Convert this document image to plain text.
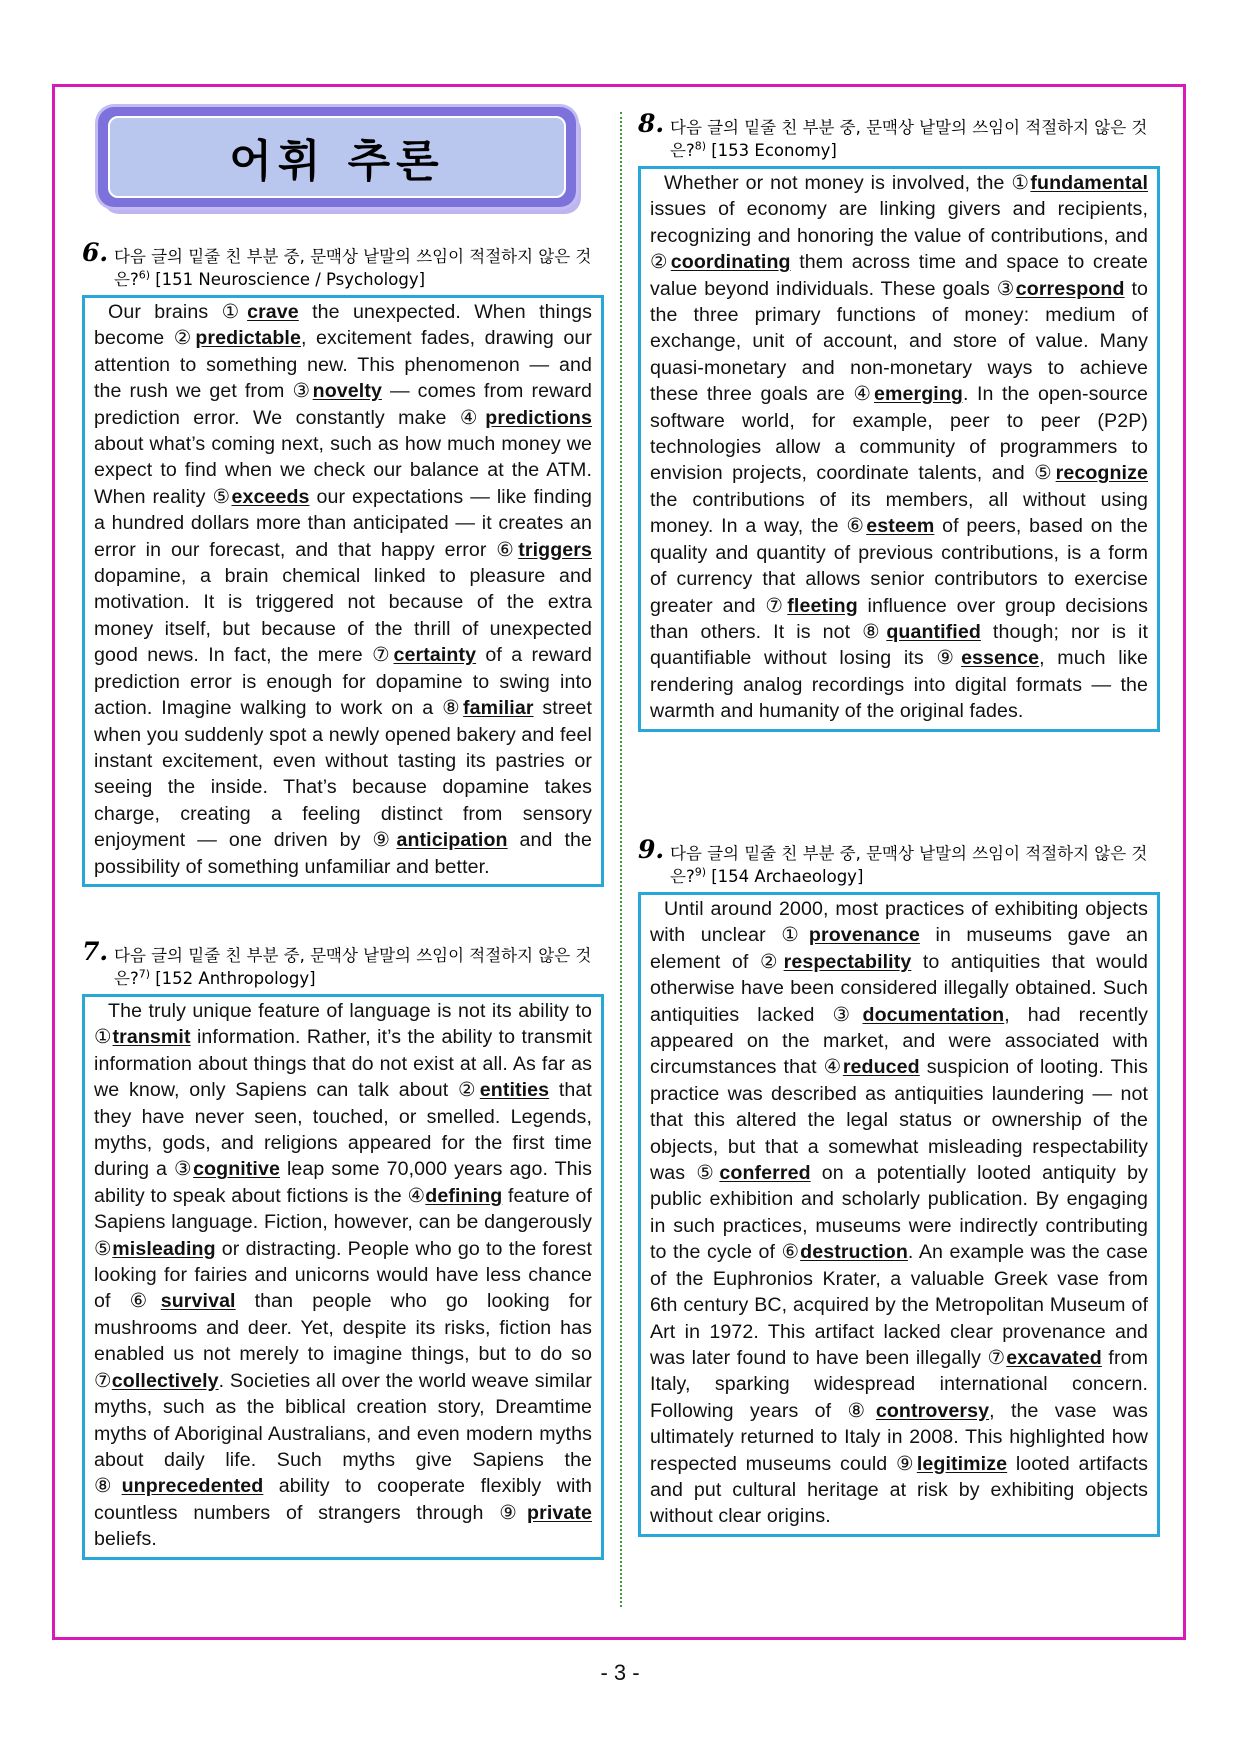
어휘 추론
6. 다음 글의 밑줄 친 부분 중, 문맥상 낱말의 쓰임이 적절하지 않은 것은?$^{6)}$ [151 Neuroscience / Psychology]

Our brains ①crave the unexpected. When things become ②predictable, excitement fades, drawing our attention to something new. This phenomenon — and the rush we get from ③novelty — comes from reward prediction error. We constantly make ④predictions about what’s coming next, such as how much money we expect to find when we check our balance at the ATM. When reality ⑤exceeds our expectations — like finding a hundred dollars more than anticipated — it creates an error in our forecast, and that happy error ⑥triggers dopamine, a brain chemical linked to pleasure and motivation. It is triggered not because of the extra money itself, but because of the thrill of unexpected good news. In fact, the mere ⑦certainty of a reward prediction error is enough for dopamine to swing into action. Imagine walking to work on a ⑧familiar street when you suddenly spot a newly opened bakery and feel instant excitement, even without tasting its pastries or seeing the inside. That’s because dopamine takes charge, creating a feeling distinct from sensory enjoyment — one driven by ⑨anticipation and the possibility of something unfamiliar and better.

7. 다음 글의 밑줄 친 부분 중, 문맥상 낱말의 쓰임이 적절하지 않은 것은?$^{7)}$ [152 Anthropology]

The truly unique feature of language is not its ability to ①transmit information. Rather, it’s the ability to transmit information about things that do not exist at all. As far as we know, only Sapiens can talk about ②entities that they have never seen, touched, or smelled. Legends, myths, gods, and religions appeared for the first time during a ③cognitive leap some 70,000 years ago. This ability to speak about fictions is the ④defining feature of Sapiens language. Fiction, however, can be dangerously ⑤misleading or distracting. People who go to the forest looking for fairies and unicorns would have less chance of ⑥survival than people who go looking for mushrooms and deer. Yet, despite its risks, fiction has enabled us not merely to imagine things, but to do so ⑦collectively. Societies all over the world weave similar myths, such as the biblical creation story, Dreamtime myths of Aboriginal Australians, and even modern myths about daily life. Such myths give Sapiens the ⑧unprecedented ability to cooperate flexibly with countless numbers of strangers through ⑨private beliefs.

8. 다음 글의 밑줄 친 부분 중, 문맥상 낱말의 쓰임이 적절하지 않은 것은?$^{8)}$ [153 Economy]

Whether or not money is involved, the ①fundamental issues of economy are linking givers and recipients, recognizing and honoring the value of contributions, and ②coordinating them across time and space to create value beyond individuals. These goals ③correspond to the three primary functions of money: medium of exchange, unit of account, and store of value. Many quasi-monetary and non-monetary ways to achieve these three goals are ④emerging. In the open-source software world, for example, peer to peer (P2P) technologies allow a community of programmers to envision projects, coordinate talents, and ⑤recognize the contributions of its members, all without using money. In a way, the ⑥esteem of peers, based on the quality and quantity of previous contributions, is a form of currency that allows senior contributors to exercise greater and ⑦fleeting influence over group decisions than others. It is not ⑧quantified though; nor is it quantifiable without losing its ⑨essence, much like rendering analog recordings into digital formats — the warmth and humanity of the original fades.

9. 다음 글의 밑줄 친 부분 중, 문맥상 낱말의 쓰임이 적절하지 않은 것은?$^{9)}$ [154 Archaeology]

Until around 2000, most practices of exhibiting objects with unclear ①provenance in museums gave an element of ②respectability to antiquities that would otherwise have been considered illegally obtained. Such antiquities lacked ③documentation, had recently appeared on the market, and were associated with circumstances that ④reduced suspicion of looting. This practice was described as antiquities laundering — not that this altered the legal status or ownership of the objects, but that a somewhat misleading respectability was ⑤conferred on a potentially looted antiquity by public exhibition and scholarly publication. By engaging in such practices, museums were indirectly contributing to the cycle of ⑥destruction. An example was the case of the Euphronios Krater, a valuable Greek vase from 6th century BC, acquired by the Metropolitan Museum of Art in 1972. This artifact lacked clear provenance and was later found to have been illegally ⑦excavated from Italy, sparking widespread international concern. Following years of ⑧controversy, the vase was ultimately returned to Italy in 2008. This highlighted how respected museums could ⑨legitimize looted artifacts and put cultural heritage at risk by exhibiting objects without clear origins.

- 3 -
